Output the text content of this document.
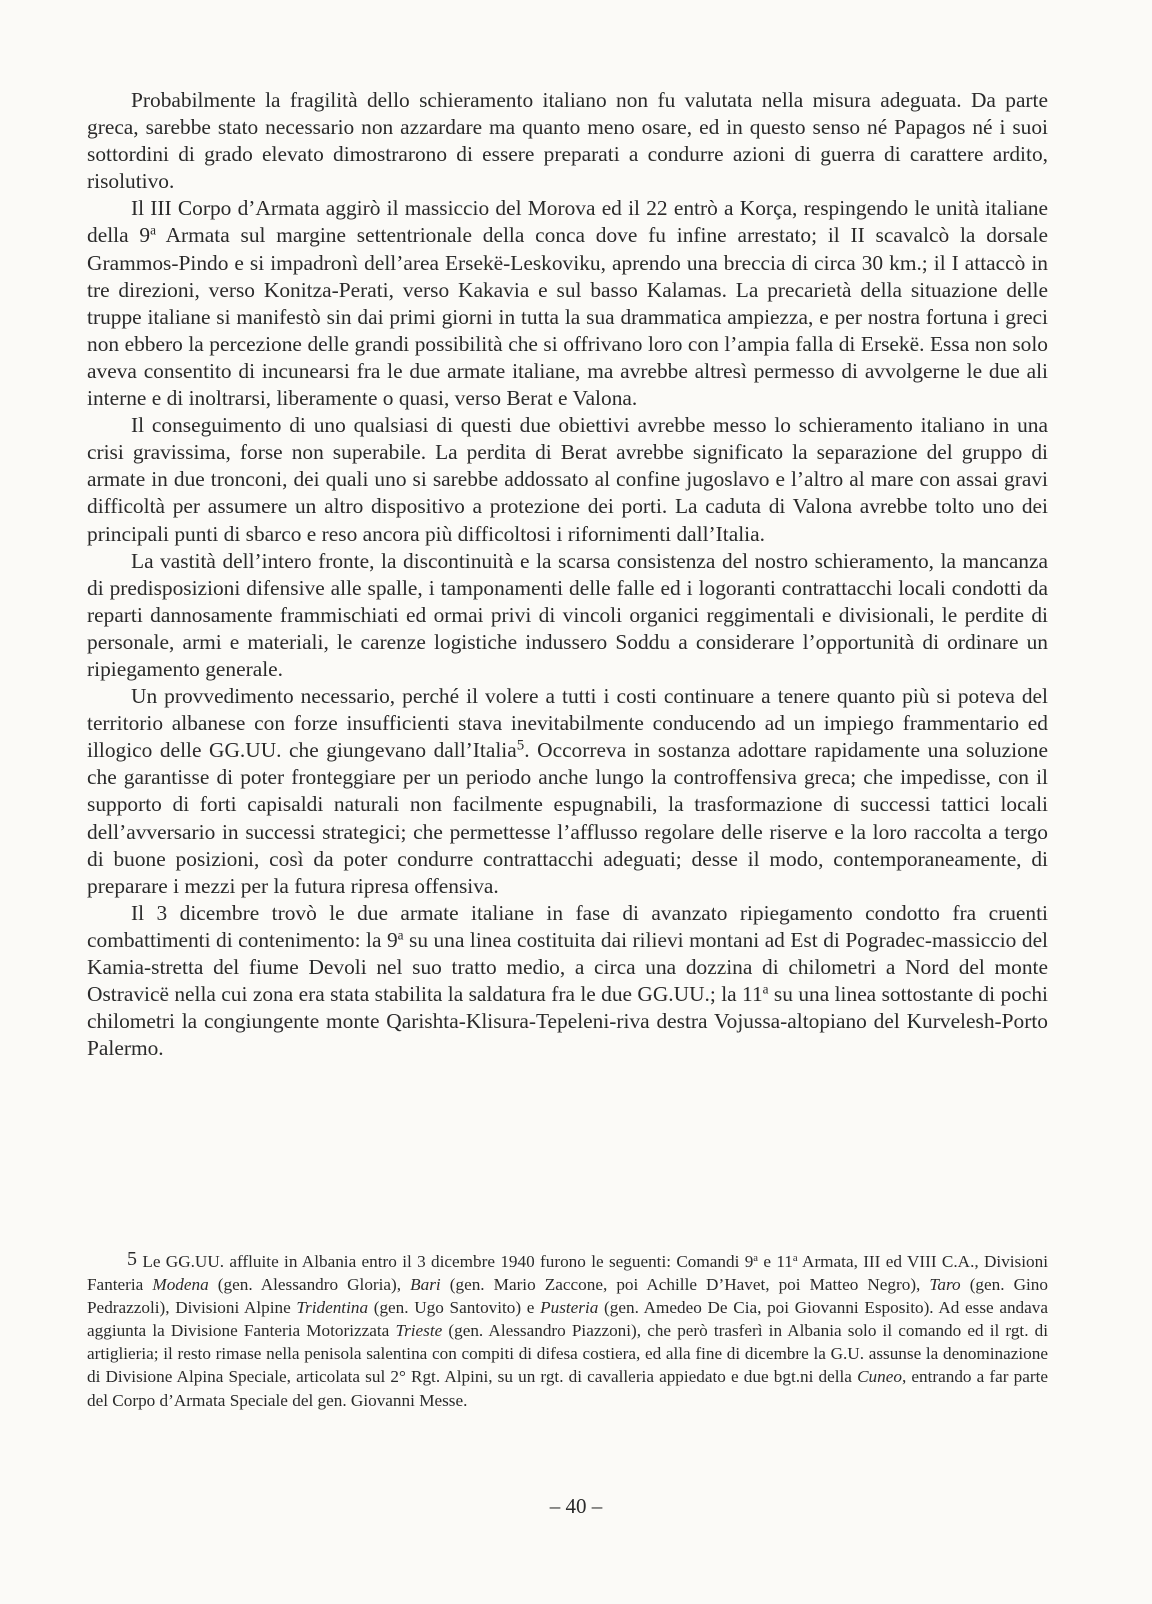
Probabilmente la fragilità dello schieramento italiano non fu valutata nella misura adeguata. Da parte greca, sarebbe stato necessario non azzardare ma quanto meno osare, ed in questo senso né Papagos né i suoi sottordini di grado elevato dimostrarono di essere preparati a condurre azioni di guerra di carattere ardito, risolutivo.

Il III Corpo d’Armata aggirò il massiccio del Morova ed il 22 entrò a Korça, respingendo le unità italiane della 9$^a$ Armata sul margine settentrionale della conca dove fu infine arrestato; il II scavalcò la dorsale Grammos-Pindo e si impadronì dell’area Ersekë-Leskoviku, aprendo una breccia di circa 30 km.; il I attaccò in tre direzioni, verso Konitza-Perati, verso Kakavia e sul basso Kalamas. La precarietà della situazione delle truppe italiane si manifestò sin dai primi giorni in tutta la sua drammatica ampiezza, e per nostra fortuna i greci non ebbero la percezione delle grandi possibilità che si offrivano loro con l’ampia falla di Ersekë. Essa non solo aveva consentito di incunearsi fra le due armate italiane, ma avrebbe altresì permesso di avvolgerne le due ali interne e di inoltrarsi, liberamente o quasi, verso Berat e Valona.

Il conseguimento di uno qualsiasi di questi due obiettivi avrebbe messo lo schieramento italiano in una crisi gravissima, forse non superabile. La perdita di Berat avrebbe significato la separazione del gruppo di armate in due tronconi, dei quali uno si sarebbe addossato al confine jugoslavo e l’altro al mare con assai gravi difficoltà per assumere un altro dispositivo a protezione dei porti. La caduta di Valona avrebbe tolto uno dei principali punti di sbarco e reso ancora più difficoltosi i rifornimenti dall’Italia.

La vastità dell’intero fronte, la discontinuità e la scarsa consistenza del nostro schieramento, la mancanza di predisposizioni difensive alle spalle, i tamponamenti delle falle ed i logoranti contrattacchi locali condotti da reparti dannosamente frammischiati ed ormai privi di vincoli organici reggimentali e divisionali, le perdite di personale, armi e materiali, le carenze logistiche indussero Soddu a considerare l’opportunità di ordinare un ripiegamento generale.

Un provvedimento necessario, perché il volere a tutti i costi continuare a tenere quanto più si poteva del territorio albanese con forze insufficienti stava inevitabilmente conducendo ad un impiego frammentario ed illogico delle GG.UU. che giungevano dall’Italia$^5$. Occorreva in sostanza adottare rapidamente una soluzione che garantisse di poter fronteggiare per un periodo anche lungo la controffensiva greca; che impedisse, con il supporto di forti capisaldi naturali non facilmente espugnabili, la trasformazione di successi tattici locali dell’avversario in successi strategici; che permettesse l’afflusso regolare delle riserve e la loro raccolta a tergo di buone posizioni, così da poter condurre contrattacchi adeguati; desse il modo, contemporaneamente, di preparare i mezzi per la futura ripresa offensiva.

Il 3 dicembre trovò le due armate italiane in fase di avanzato ripiegamento condotto fra cruenti combattimenti di contenimento: la 9$^a$ su una linea costituita dai rilievi montani ad Est di Pogradec-massiccio del Kamia-stretta del fiume Devoli nel suo tratto medio, a circa una dozzina di chilometri a Nord del monte Ostravicë nella cui zona era stata stabilita la saldatura fra le due GG.UU.; la 11$^a$ su una linea sottostante di pochi chilometri la congiungente monte Qarishta-Klisura-Tepeleni-riva destra Vojussa-altopiano del Kurvelesh-Porto Palermo.

5 Le GG.UU. affluite in Albania entro il 3 dicembre 1940 furono le seguenti: Comandi 9$^a$ e 11$^a$ Armata, III ed VIII C.A., Divisioni Fanteria Modena (gen. Alessandro Gloria), Bari (gen. Mario Zaccone, poi Achille D’Havet, poi Matteo Negro), Taro (gen. Gino Pedrazzoli), Divisioni Alpine Tridentina (gen. Ugo Santovito) e Pusteria (gen. Amedeo De Cia, poi Giovanni Esposito). Ad esse andava aggiunta la Divisione Fanteria Motorizzata Trieste (gen. Alessandro Piazzoni), che però trasferì in Albania solo il comando ed il rgt. di artiglieria; il resto rimase nella penisola salentina con compiti di difesa costiera, ed alla fine di dicembre la G.U. assunse la denominazione di Divisione Alpina Speciale, articolata sul 2° Rgt. Alpini, su un rgt. di cavalleria appiedato e due bgt.ni della Cuneo, entrando a far parte del Corpo d’Armata Speciale del gen. Giovanni Messe.

– 40 –
